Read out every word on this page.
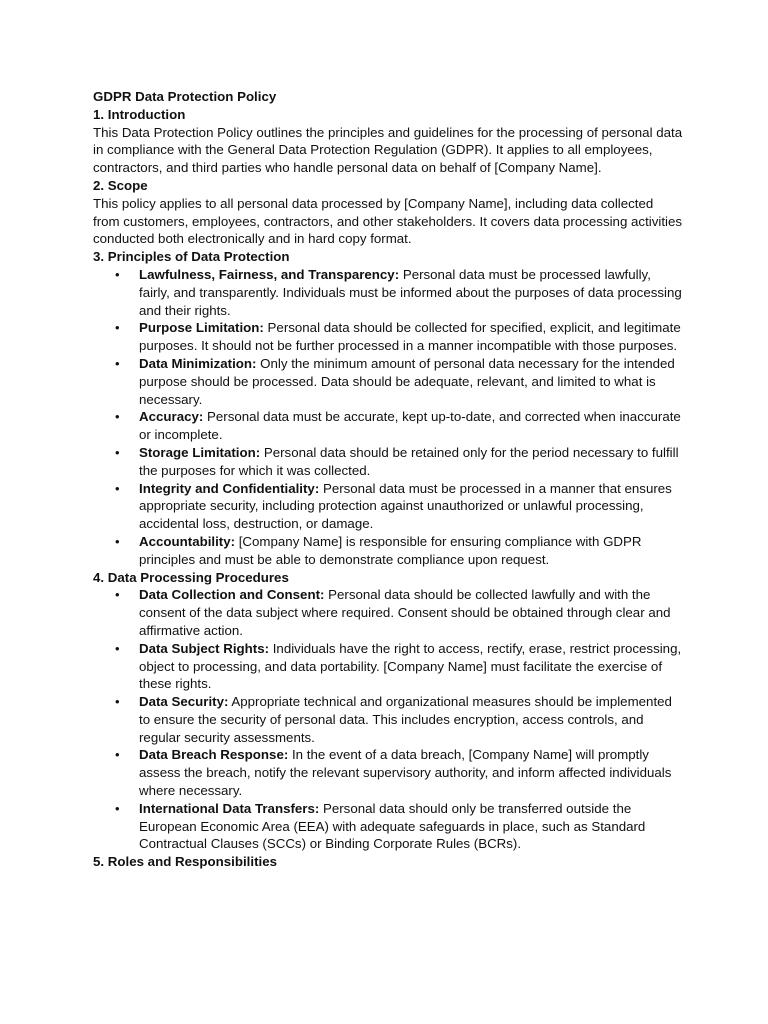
GDPR Data Protection Policy

1. Introduction

This Data Protection Policy outlines the principles and guidelines for the processing of personal data in compliance with the General Data Protection Regulation (GDPR). It applies to all employees, contractors, and third parties who handle personal data on behalf of [Company Name].

2. Scope

This policy applies to all personal data processed by [Company Name], including data collected from customers, employees, contractors, and other stakeholders. It covers data processing activities conducted both electronically and in hard copy format.

3. Principles of Data Protection

• Lawfulness, Fairness, and Transparency: Personal data must be processed lawfully, fairly, and transparently. Individuals must be informed about the purposes of data processing and their rights.
• Purpose Limitation: Personal data should be collected for specified, explicit, and legitimate purposes. It should not be further processed in a manner incompatible with those purposes.
• Data Minimization: Only the minimum amount of personal data necessary for the intended purpose should be processed. Data should be adequate, relevant, and limited to what is necessary.
• Accuracy: Personal data must be accurate, kept up-to-date, and corrected when inaccurate or incomplete.
• Storage Limitation: Personal data should be retained only for the period necessary to fulfill the purposes for which it was collected.
• Integrity and Confidentiality: Personal data must be processed in a manner that ensures appropriate security, including protection against unauthorized or unlawful processing, accidental loss, destruction, or damage.
• Accountability: [Company Name] is responsible for ensuring compliance with GDPR principles and must be able to demonstrate compliance upon request.

4. Data Processing Procedures

• Data Collection and Consent: Personal data should be collected lawfully and with the consent of the data subject where required. Consent should be obtained through clear and affirmative action.
• Data Subject Rights: Individuals have the right to access, rectify, erase, restrict processing, object to processing, and data portability. [Company Name] must facilitate the exercise of these rights.
• Data Security: Appropriate technical and organizational measures should be implemented to ensure the security of personal data. This includes encryption, access controls, and regular security assessments.
• Data Breach Response: In the event of a data breach, [Company Name] will promptly assess the breach, notify the relevant supervisory authority, and inform affected individuals where necessary.
• International Data Transfers: Personal data should only be transferred outside the European Economic Area (EEA) with adequate safeguards in place, such as Standard Contractual Clauses (SCCs) or Binding Corporate Rules (BCRs).

5. Roles and Responsibilities
